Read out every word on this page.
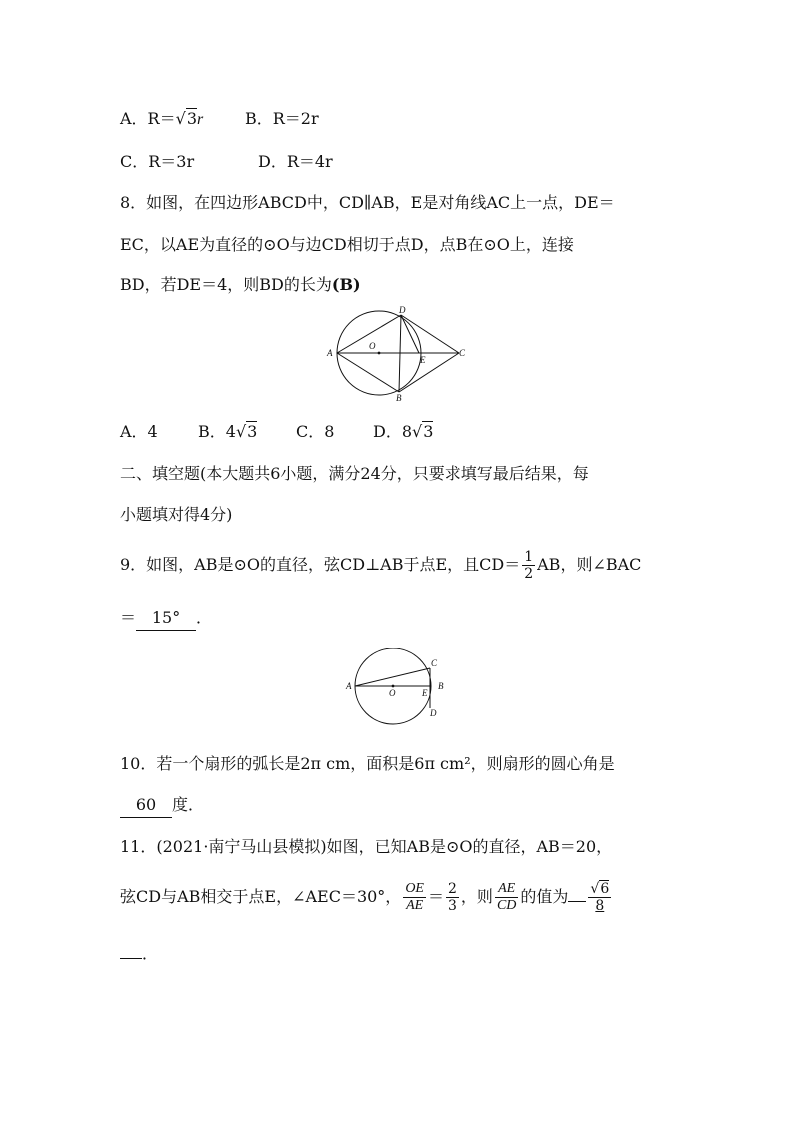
A．R＝√3r	B．R＝2r
C．R＝3r	D．R＝4r
8．如图，在四边形ABCD中，CD∥AB，E是对角线AC上一点，DE＝
EC，以AE为直径的⊙O与边CD相切于点D，点B在⊙O上，连接
BD，若DE＝4，则BD的长为(B)
A
O
D
E
C
B
A．4	B．4√3 C．8 D．8√3
二、填空题(本大题共6小题，满分24分，只要求填写最后结果，每
小题填对得4分)
9．如图，AB是⊙O的直径，弦CD⊥AB于点E，且$CD= \frac{1}{2}$ AB，则∠BAC
＝ 15° ．
A
O	E
B
C
D
10．若一个扇形的弧长是2π cm，面积是6π cm²，则扇形的圆心角是
60 度．
11．(2021·南宁马山县模拟)如图，已知AB是⊙O的直径，AB＝20，
弦CD与AB相交于点E，∠AEC＝30°， $\frac{OE}{AE} = \frac{2}{3}$ ，则 $\frac{AE}{CD}$ 的值为 $\frac{√6}{8}$
．
